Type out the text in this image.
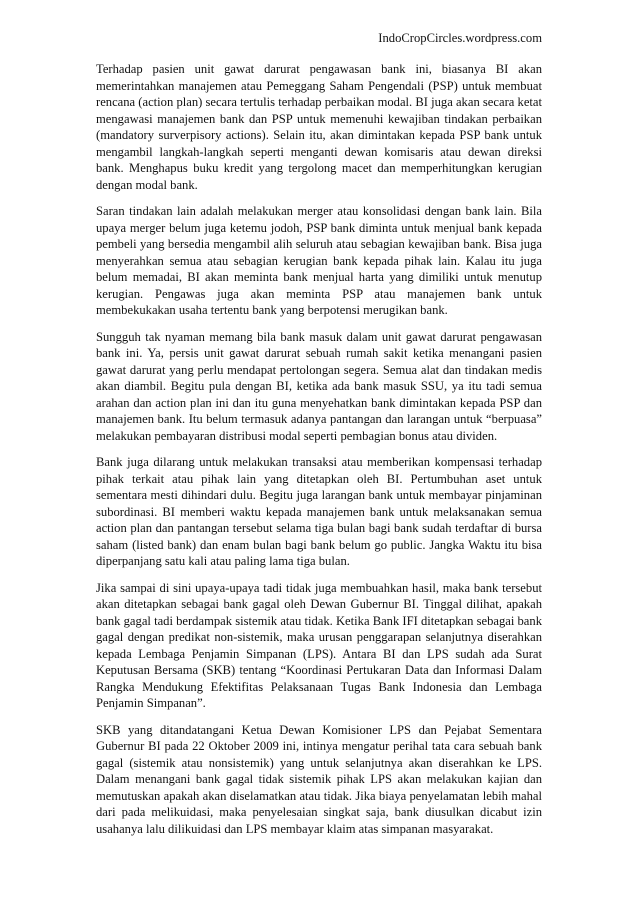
IndoCropCircles.wordpress.com

Terhadap pasien unit gawat darurat pengawasan bank ini, biasanya BI akan memerintahkan manajemen atau Pemeggang Saham Pengendali (PSP) untuk membuat rencana (action plan) secara tertulis terhadap perbaikan modal. BI juga akan secara ketat mengawasi manajemen bank dan PSP untuk memenuhi kewajiban tindakan perbaikan (mandatory surverpisory actions). Selain itu, akan dimintakan kepada PSP bank untuk mengambil langkah-langkah seperti menganti dewan komisaris atau dewan direksi bank. Menghapus buku kredit yang tergolong macet dan memperhitungkan kerugian dengan modal bank.

Saran tindakan lain adalah melakukan merger atau konsolidasi dengan bank lain. Bila upaya merger belum juga ketemu jodoh, PSP bank diminta untuk menjual bank kepada pembeli yang bersedia mengambil alih seluruh atau sebagian kewajiban bank. Bisa juga menyerahkan semua atau sebagian kerugian bank kepada pihak lain. Kalau itu juga belum memadai, BI akan meminta bank menjual harta yang dimiliki untuk menutup kerugian. Pengawas juga akan meminta PSP atau manajemen bank untuk membekukakan usaha tertentu bank yang berpotensi merugikan bank.

Sungguh tak nyaman memang bila bank masuk dalam unit gawat darurat pengawasan bank ini. Ya, persis unit gawat darurat sebuah rumah sakit ketika menangani pasien gawat darurat yang perlu mendapat pertolongan segera. Semua alat dan tindakan medis akan diambil. Begitu pula dengan BI, ketika ada bank masuk SSU, ya itu tadi semua arahan dan action plan ini dan itu guna menyehatkan bank dimintakan kepada PSP dan manajemen bank. Itu belum termasuk adanya pantangan dan larangan untuk “berpuasa” melakukan pembayaran distribusi modal seperti pembagian bonus atau dividen.

Bank juga dilarang untuk melakukan transaksi atau memberikan kompensasi terhadap pihak terkait atau pihak lain yang ditetapkan oleh BI. Pertumbuhan aset untuk sementara mesti dihindari dulu. Begitu juga larangan bank untuk membayar pinjaminan subordinasi. BI memberi waktu kepada manajemen bank untuk melaksanakan semua action plan dan pantangan tersebut selama tiga bulan bagi bank sudah terdaftar di bursa saham (listed bank) dan enam bulan bagi bank belum go public. Jangka Waktu itu bisa diperpanjang satu kali atau paling lama tiga bulan.

Jika sampai di sini upaya-upaya tadi tidak juga membuahkan hasil, maka bank tersebut akan ditetapkan sebagai bank gagal oleh Dewan Gubernur BI. Tinggal dilihat, apakah bank gagal tadi berdampak sistemik atau tidak. Ketika Bank IFI ditetapkan sebagai bank gagal dengan predikat non-sistemik, maka urusan penggarapan selanjutnya diserahkan kepada Lembaga Penjamin Simpanan (LPS). Antara BI dan LPS sudah ada Surat Keputusan Bersama (SKB) tentang “Koordinasi Pertukaran Data dan Informasi Dalam Rangka Mendukung Efektifitas Pelaksanaan Tugas Bank Indonesia dan Lembaga Penjamin Simpanan”.

SKB yang ditandatangani Ketua Dewan Komisioner LPS dan Pejabat Sementara Gubernur BI pada 22 Oktober 2009 ini, intinya mengatur perihal tata cara sebuah bank gagal (sistemik atau nonsistemik) yang untuk selanjutnya akan diserahkan ke LPS. Dalam menangani bank gagal tidak sistemik pihak LPS akan melakukan kajian dan memutuskan apakah akan diselamatkan atau tidak. Jika biaya penyelamatan lebih mahal dari pada melikuidasi, maka penyelesaian singkat saja, bank diusulkan dicabut izin usahanya lalu dilikuidasi dan LPS membayar klaim atas simpanan masyarakat.
